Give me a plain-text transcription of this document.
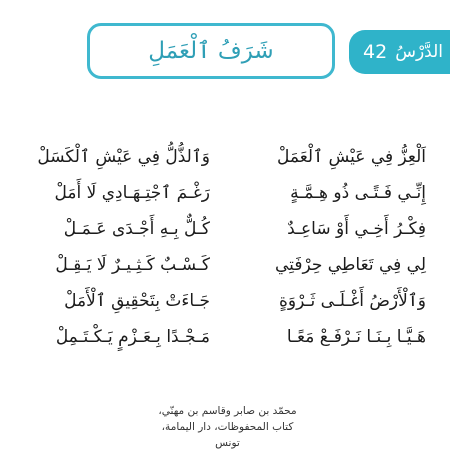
42 الدَّرْسُ
شَرَفُ ٱلْعَمَلِ
اَلْعِزُّ فِي عَيْشِ ٱلْعَمَلْ
إِنِّـي فَـتًـى ذُو هِـمَّـةٍ
فِكْـرُ أَخِـي أَوْ سَاعِـدٌ
لِي فِي تَعَاطِي حِرْفَتِي
وَٱلْأَرْضُ أَغْـلَـى ثَـرْوَةٍ
هَـيَّـا بِـنَـا نَـرْفَـعْ مَعًـا
وَٱلذُّلُّ فِي عَيْشِ ٱلْكَسَلْ
رَغْـمَ ٱجْتِـهَـادِي لَا أَمَلْ
كُـلٌّ بِـهِ أَجْـدَى عَـمَـلْ
كَـسْـبٌ كَـثِـيـرٌ لَا يَـقِـلْ
جَـاءَتْ بِتَحْقِيقِ ٱلْأَمَلْ
مَـجْـدًا بِـعَـزْمٍ يَـكْـتَـمِلْ
محمّد بن صابر وقاسم بن مهنّي،
كتاب المحفوظات، دار اليمامة، تونس
